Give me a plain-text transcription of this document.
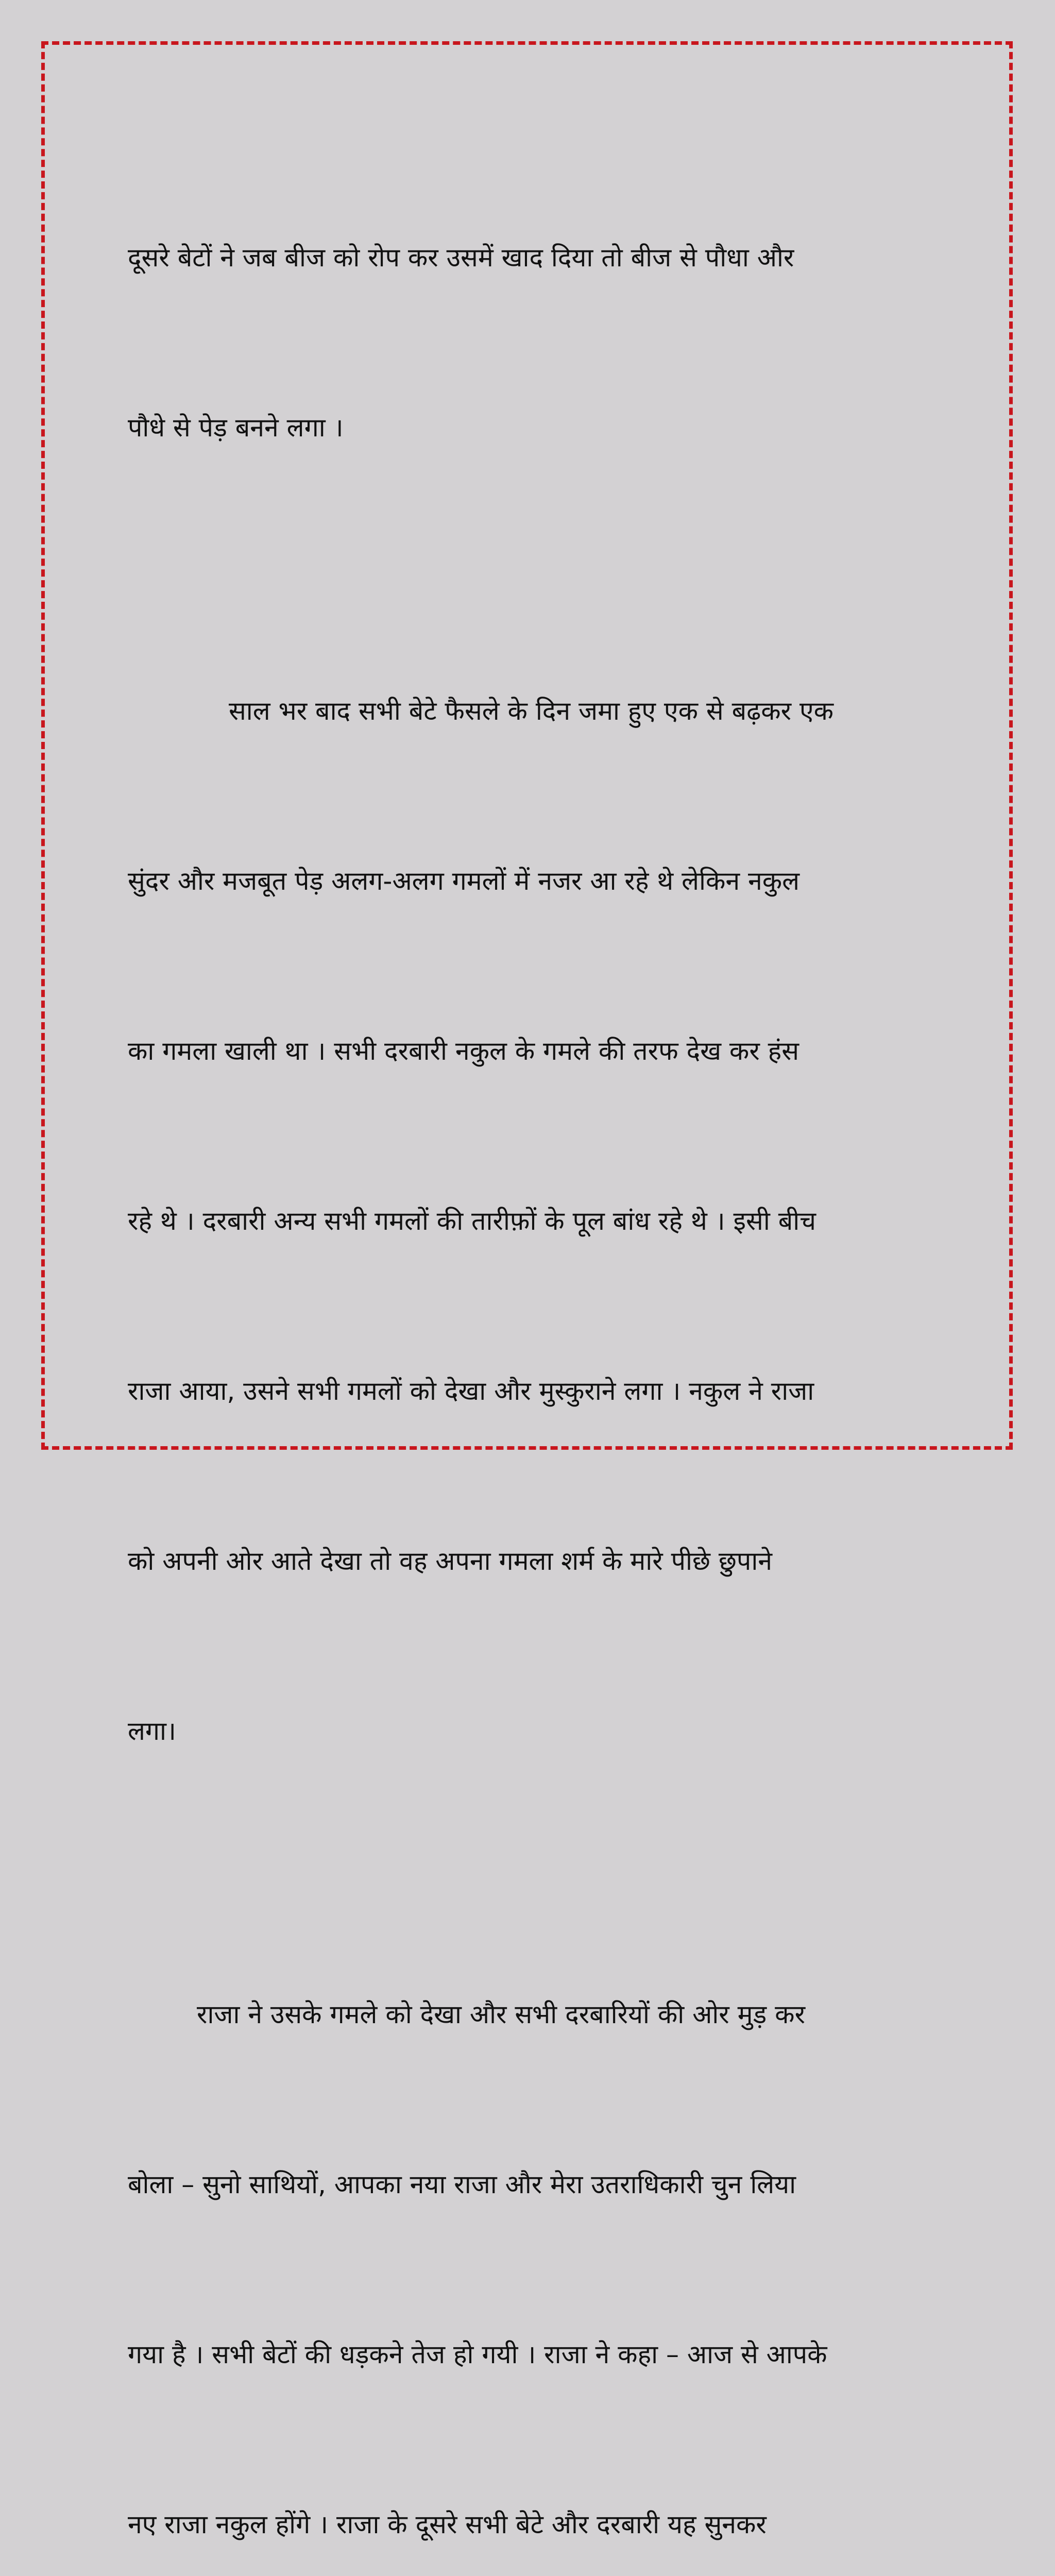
दूसरे बेटों ने जब बीज को रोप कर उसमें खाद दिया तो बीज से पौधा और

पौधे से पेड़ बनने लगा ।

साल भर बाद सभी बेटे फैसले के दिन जमा हुए एक से बढ़कर एक

सुंदर और मजबूत पेड़ अलग-अलग गमलों में नजर आ रहे थे लेकिन नकुल

का गमला खाली था । सभी दरबारी नकुल के गमले की तरफ देख कर हंस

रहे थे । दरबारी अन्य सभी गमलों की तारीफ़ों के पूल बांध रहे थे । इसी बीच

राजा आया, उसने सभी गमलों को देखा और मुस्कुराने लगा । नकुल ने राजा

को अपनी ओर आते देखा तो वह अपना गमला शर्म के मारे पीछे छुपाने

लगा।

राजा ने उसके गमले को देखा और सभी दरबारियों की ओर मुड़ कर

बोला – सुनो साथियों, आपका नया राजा और मेरा उतराधिकारी चुन लिया

गया है । सभी बेटों की धड़कने तेज हो गयी । राजा ने कहा – आज से आपके

नए राजा नकुल होंगे । राजा के दूसरे सभी बेटे और दरबारी यह सुनकर
